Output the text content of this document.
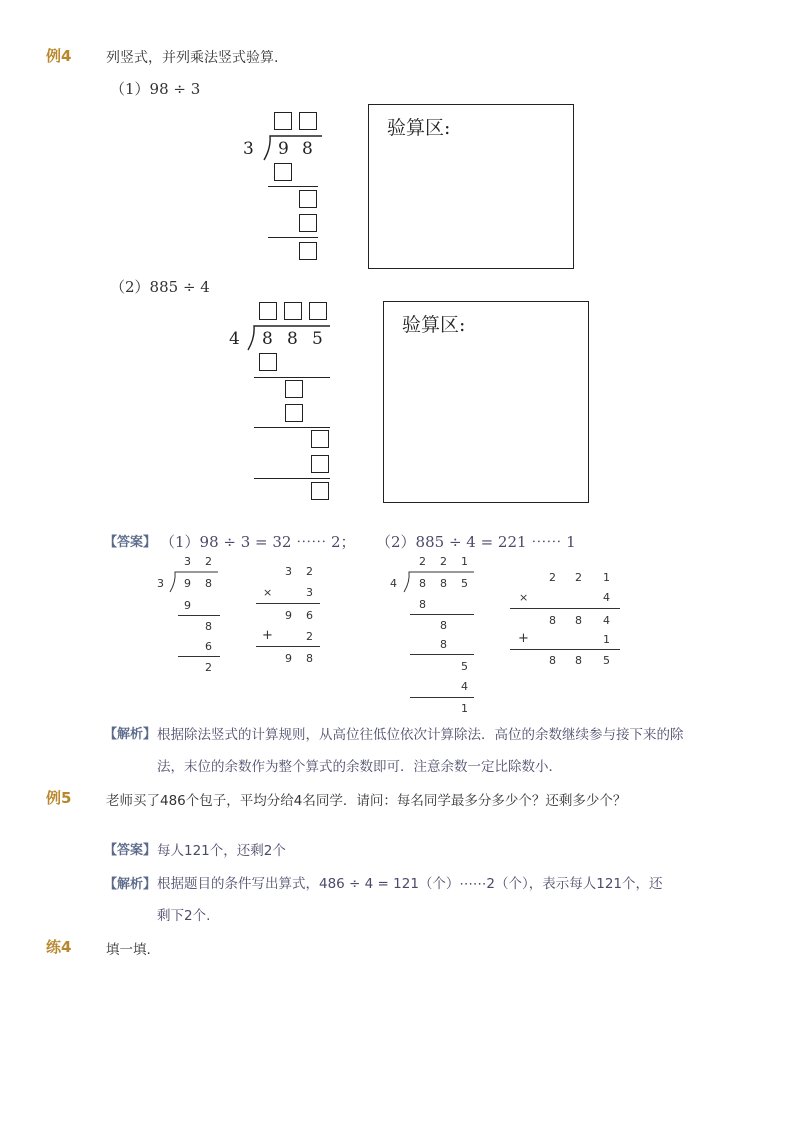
例4 列竖式，并列乘法竖式验算.
（1）98 ÷ 3
3 9 8
验算区:
（2）885 ÷ 4
4 8 8 5
验算区:
【答案】 （1）98 ÷ 3 = 32 ⋯⋯ 2； （2）885 ÷ 4 = 221 ⋯⋯ 1
3 2
3 9 8
9
8
6
2
3 2
×	3
9 6
+	2
9 8
2 2 1
4 8 8 5
8
8
8
5
4
1
2 2 1
×	4
8 8 4
+	1
8 8 5
【解析】 根据除法竖式的计算规则，从高位往低位依次计算除法．高位的余数继续参与接下来的除
法，末位的余数作为整个算式的余数即可．注意余数一定比除数小．
例5	老师买了486个包子，平均分给4名同学．请问：每名同学最多分多少个？还剩多少个？
【答案】 每人121个，还剩2个
【解析】 根据题目的条件写出算式，486 ÷ 4 = 121（个）⋯⋯2（个），表示每人121个，还
剩下2个.
练4	填一填.
